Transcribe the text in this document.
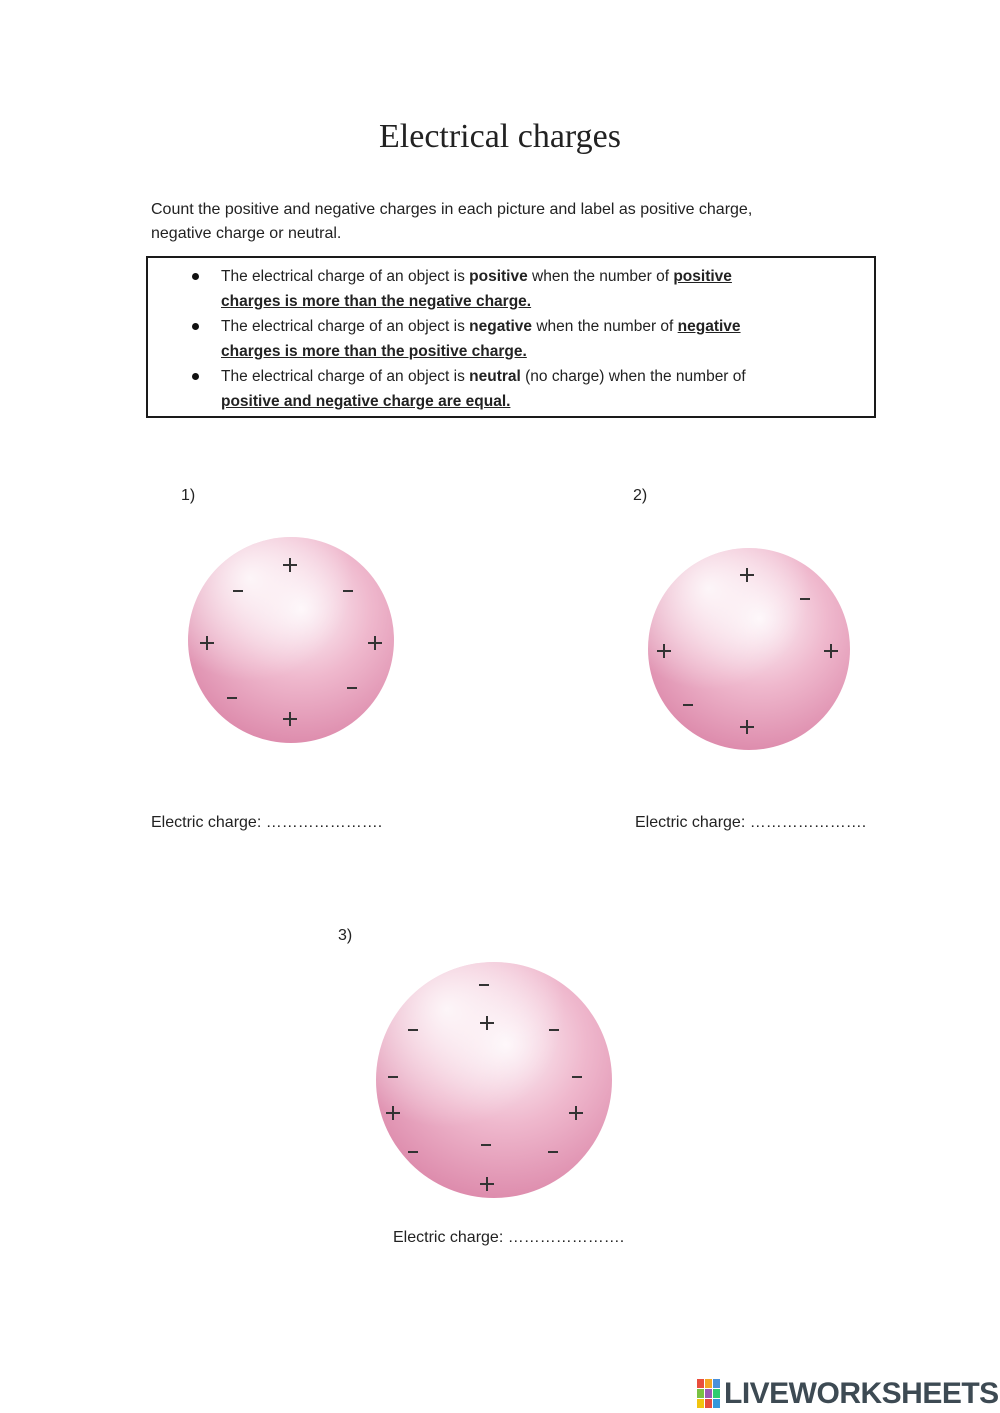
Electrical charges
Count the positive and negative charges in each picture and label as positive charge, negative charge or neutral.
The electrical charge of an object is positive when the number of positive charges is more than the negative charge.
The electrical charge of an object is negative when the number of negative charges is more than the positive charge.
The electrical charge of an object is neutral (no charge) when the number of positive and negative charge are equal.
1)
Electric charge: ………………….
2)
Electric charge: ………………….
3)
Electric charge: ………………….
LIVEWORKSHEETS
